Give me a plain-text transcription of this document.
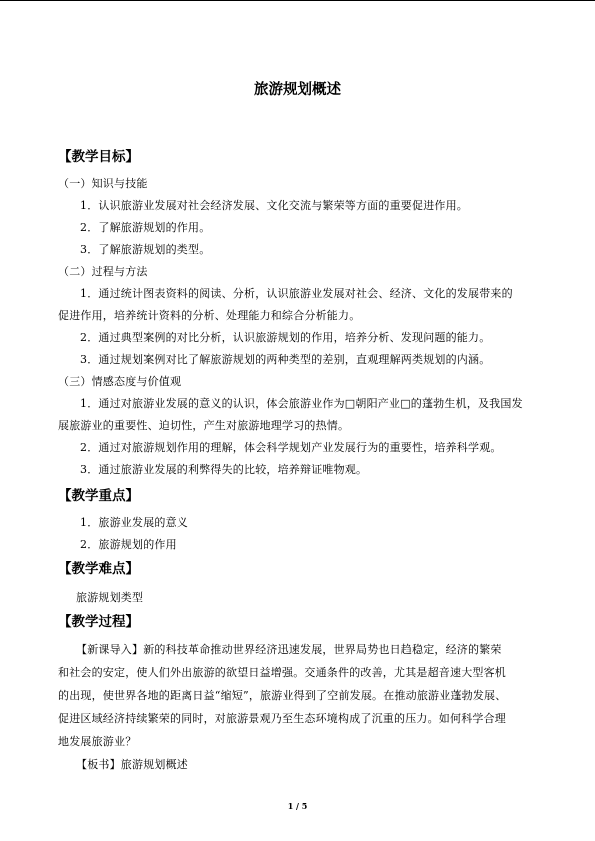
旅游规划概述
【教学目标】
（一）知识与技能
1．认识旅游业发展对社会经济发展、文化交流与繁荣等方面的重要促进作用。
2．了解旅游规划的作用。
3．了解旅游规划的类型。
（二）过程与方法
1．通过统计图表资料的阅读、分析，认识旅游业发展对社会、经济、文化的发展带来的
促进作用，培养统计资料的分析、处理能力和综合分析能力。
2．通过典型案例的对比分析，认识旅游规划的作用，培养分析、发现问题的能力。
3．通过规划案例对比了解旅游规划的两种类型的差别，直观理解两类规划的内涵。
（三）情感态度与价值观
1．通过对旅游业发展的意义的认识，体会旅游业作为□朝阳产业□的蓬勃生机，及我国发
展旅游业的重要性、迫切性，产生对旅游地理学习的热情。
2．通过对旅游规划作用的理解，体会科学规划产业发展行为的重要性，培养科学观。
3．通过旅游业发展的利弊得失的比较，培养辩证唯物观。
【教学重点】
1．旅游业发展的意义
2．旅游规划的作用
【教学难点】
旅游规划类型
【教学过程】
【新课导入】新的科技革命推动世界经济迅速发展，世界局势也日趋稳定，经济的繁荣
和社会的安定，使人们外出旅游的欲望日益增强。交通条件的改善，尤其是超音速大型客机
的出现，使世界各地的距离日益“缩短”，旅游业得到了空前发展。在推动旅游业蓬勃发展、
促进区域经济持续繁荣的同时，对旅游景观乃至生态环境构成了沉重的压力。如何科学合理
地发展旅游业？
【板书】旅游规划概述
1 / 5
